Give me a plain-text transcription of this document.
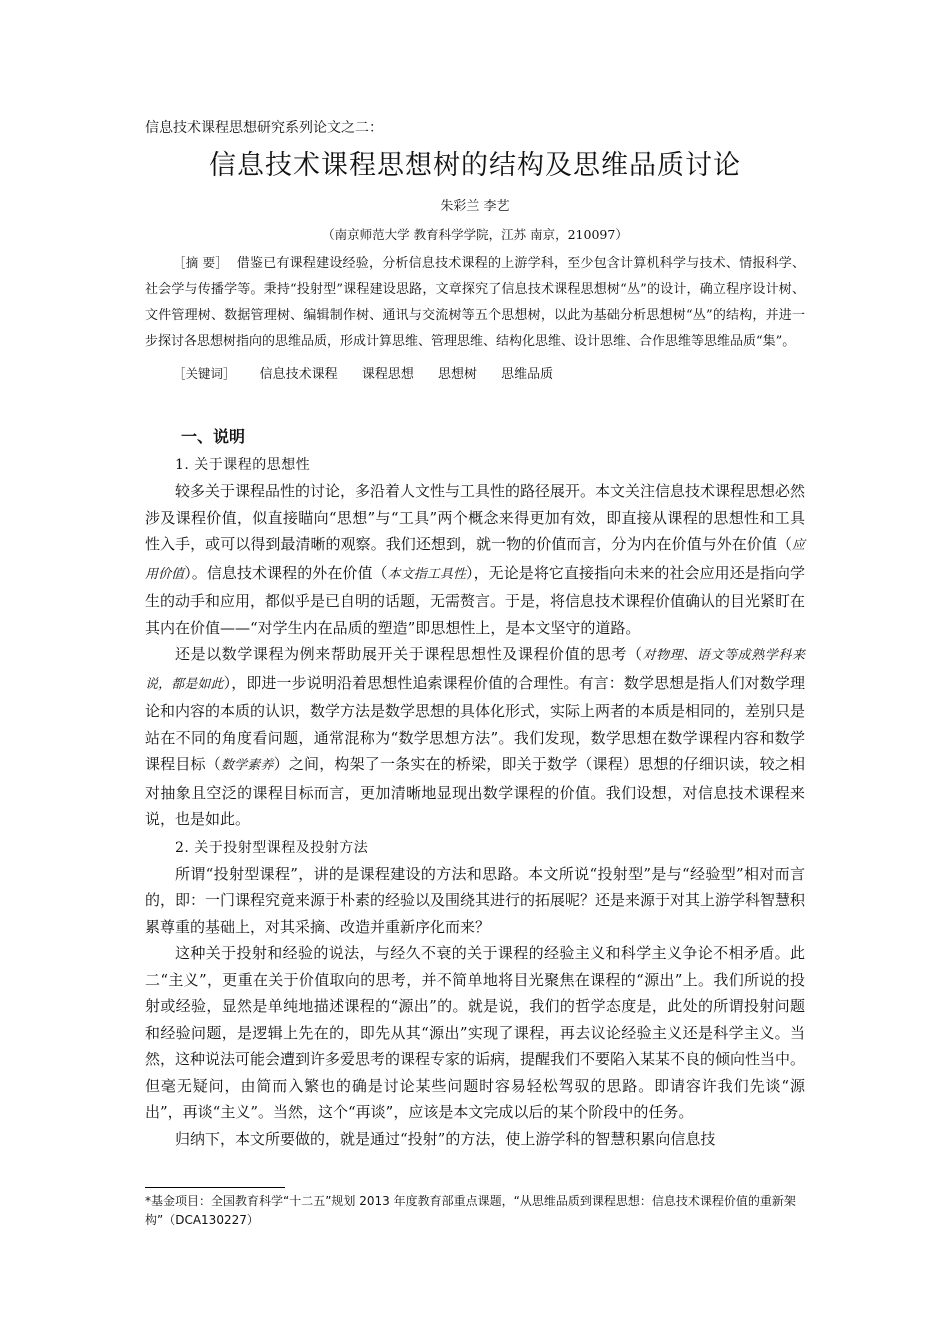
信息技术课程思想研究系列论文之二：
信息技术课程思想树的结构及思维品质讨论
朱彩兰 李艺
（南京师范大学 教育科学学院，江苏 南京，210097）

［摘 要］ 借鉴已有课程建设经验，分析信息技术课程的上游学科，至少包含计算机科学与技术、情报科学、社会学与传播学等。秉持“投射型”课程建设思路，文章探究了信息技术课程思想树“丛”的设计，确立程序设计树、文件管理树、数据管理树、编辑制作树、通讯与交流树等五个思想树，以此为基础分析思想树“丛”的结构，并进一步探讨各思想树指向的思维品质，形成计算思维、管理思维、结构化思维、设计思维、合作思维等思维品质“集”。

［关键词］ 信息技术课程 课程思想 思想树 思维品质
一、说明
1. 关于课程的思想性

较多关于课程品性的讨论，多沿着人文性与工具性的路径展开。本文关注信息技术课程思想必然涉及课程价值，似直接瞄向“思想”与“工具”两个概念来得更加有效，即直接从课程的思想性和工具性入手，或可以得到最清晰的观察。我们还想到，就一物的价值而言，分为内在价值与外在价值（应用价值）。信息技术课程的外在价值（本文指工具性），无论是将它直接指向未来的社会应用还是指向学生的动手和应用，都似乎是已自明的话题，无需赘言。于是，将信息技术课程价值确认的目光紧盯在其内在价值——“对学生内在品质的塑造”即思想性上，是本文坚守的道路。

还是以数学课程为例来帮助展开关于课程思想性及课程价值的思考（对物理、语文等成熟学科来说，都是如此），即进一步说明沿着思想性追索课程价值的合理性。有言：数学思想是指人们对数学理论和内容的本质的认识，数学方法是数学思想的具体化形式，实际上两者的本质是相同的，差别只是站在不同的角度看问题，通常混称为“数学思想方法”。我们发现，数学思想在数学课程内容和数学课程目标（数学素养）之间，构架了一条实在的桥梁，即关于数学（课程）思想的仔细识读，较之相对抽象且空泛的课程目标而言，更加清晰地显现出数学课程的价值。我们设想，对信息技术课程来说，也是如此。

2. 关于投射型课程及投射方法

所谓“投射型课程”，讲的是课程建设的方法和思路。本文所说“投射型”是与“经验型”相对而言的，即：一门课程究竟来源于朴素的经验以及围绕其进行的拓展呢？还是来源于对其上游学科智慧积累尊重的基础上，对其采摘、改造并重新序化而来？

这种关于投射和经验的说法，与经久不衰的关于课程的经验主义和科学主义争论不相矛盾。此二“主义”，更重在关于价值取向的思考，并不简单地将目光聚焦在课程的“源出”上。我们所说的投射或经验，显然是单纯地描述课程的“源出”的。就是说，我们的哲学态度是，此处的所谓投射问题和经验问题，是逻辑上先在的，即先从其“源出”实现了课程，再去议论经验主义还是科学主义。当然，这种说法可能会遭到许多爱思考的课程专家的诟病，提醒我们不要陷入某某不良的倾向性当中。但毫无疑问，由简而入繁也的确是讨论某些问题时容易轻松驾驭的思路。即请容许我们先谈“源出”，再谈“主义”。当然，这个“再谈”，应该是本文完成以后的某个阶段中的任务。

归纳下，本文所要做的，就是通过“投射”的方法，使上游学科的智慧积累向信息技

*基金项目：全国教育科学“十二五”规划 2013 年度教育部重点课题，“从思维品质到课程思想：信息技术课程价值的重新架构”（DCA130227）
